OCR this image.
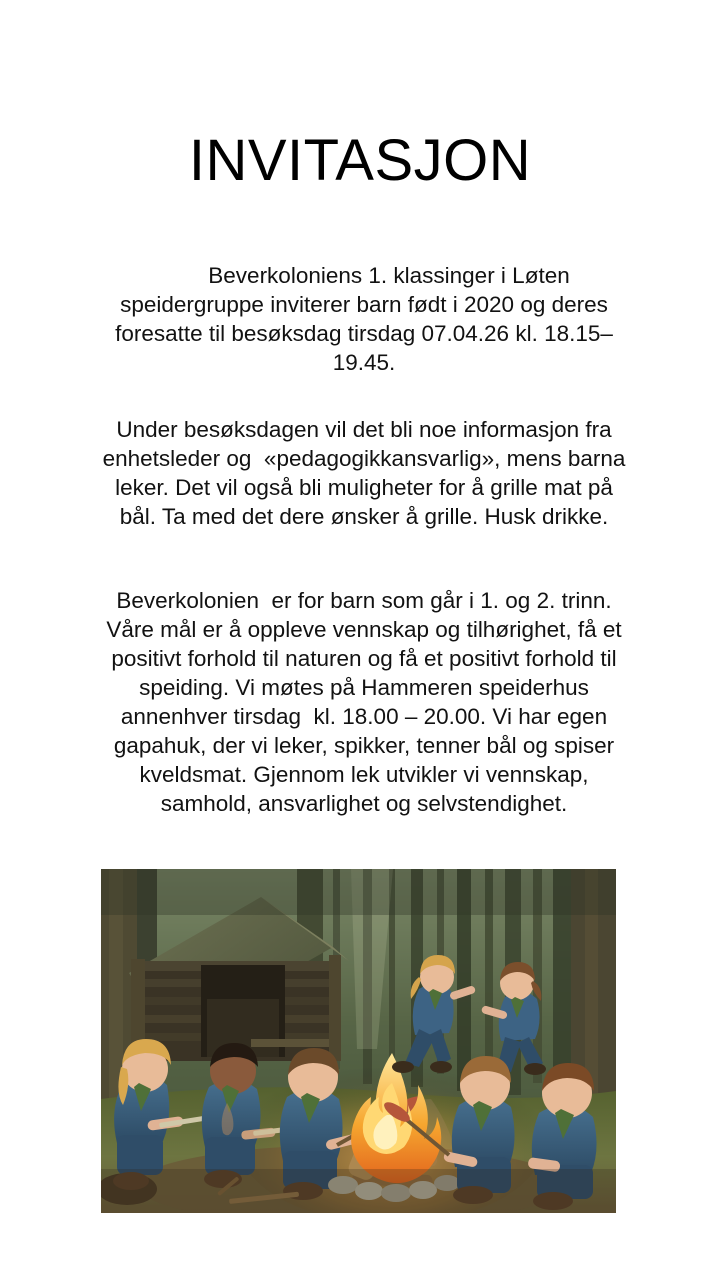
INVITASJON

Beverkoloniens 1. klassinger i Løten speidergruppe inviterer barn født i 2020 og deres foresatte til besøksdag tirsdag 07.04.26 kl. 18.15–19.45.

Under besøksdagen vil det bli noe informasjon fra enhetsleder og  «pedagogikkansvarlig», mens barna leker. Det vil også bli muligheter for å grille mat på bål. Ta med det dere ønsker å grille. Husk drikke.

Beverkolonien  er for barn som går i 1. og 2. trinn. Våre mål er å oppleve vennskap og tilhørighet, få et positivt forhold til naturen og få et positivt forhold til speiding. Vi møtes på Hammeren speiderhus annenhver tirsdag  kl. 18.00 – 20.00. Vi har egen gapahuk, der vi leker, spikker, tenner bål og spiser kveldsmat. Gjennom lek utvikler vi vennskap, samhold, ansvarlighet og selvstendighet.
